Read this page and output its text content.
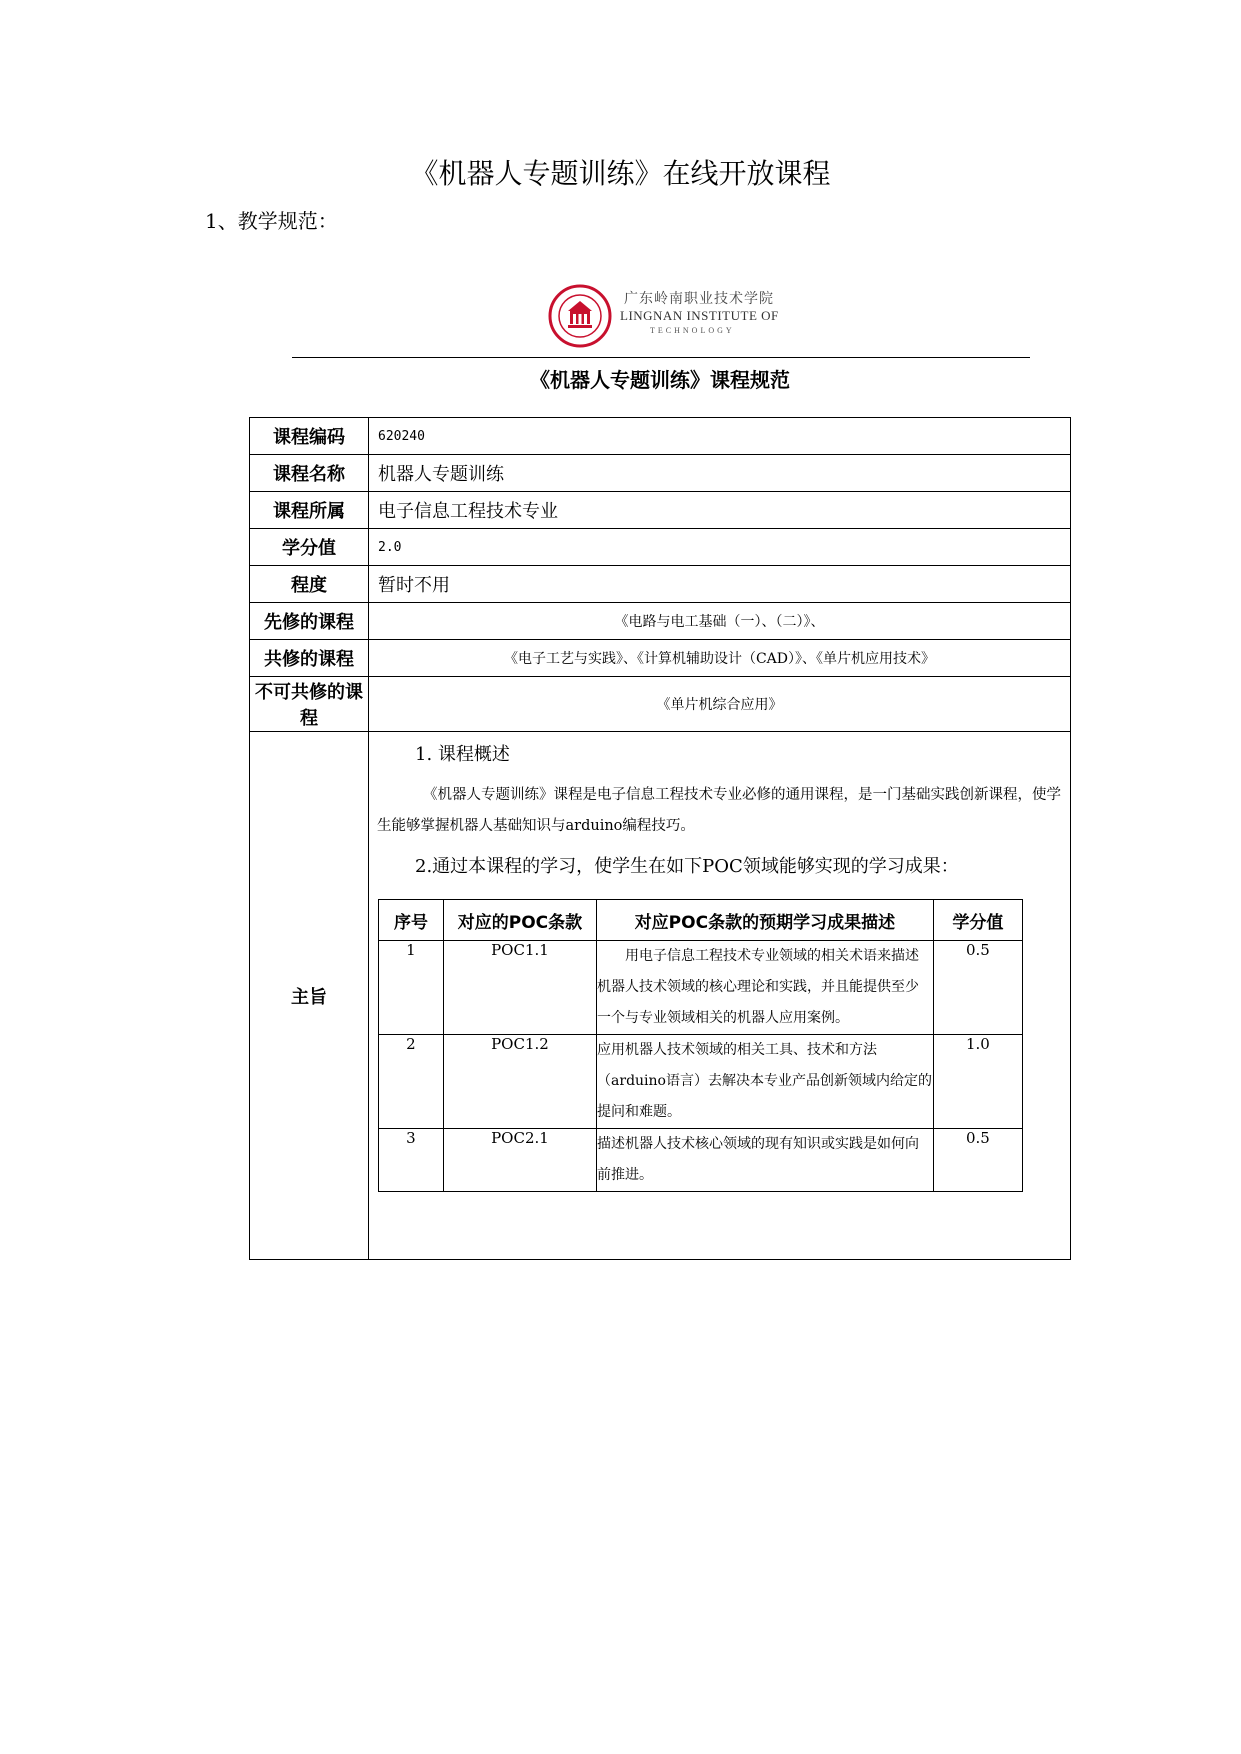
《机器人专题训练》在线开放课程
1、教学规范：
广东岭南职业技术学院
LINGNAN INSTITUTE OF
TECHNOLOGY
《机器人专题训练》课程规范
课程编码	620240
课程名称	机器人专题训练
课程所属	电子信息工程技术专业
学分值	2.0
程度	暂时不用
先修的课程	《电路与电工基础（一）、（二）》、
共修的课程	《电子工艺与实践》、《计算机辅助设计（CAD）》、《单片机应用技术》
不可共修的课程	《单片机综合应用》
主旨	
1. 课程概述
《机器人专题训练》课程是电子信息工程技术专业必修的通用课程，是一门基础实践创新课程，使学生能够掌握机器人基础知识与arduino编程技巧。
2.通过本课程的学习，使学生在如下POC领域能够实现的学习成果：
序号	对应的POC条款	对应POC条款的预期学习成果描述	学分值
1	POC1.1	用电子信息工程技术专业领域的相关术语来描述机器人技术领域的核心理论和实践，并且能提供至少一个与专业领域相关的机器人应用案例。	0.5
2	POC1.2	应用机器人技术领域的相关工具、技术和方法（arduino语言）去解决本专业产品创新领域内给定的提问和难题。	1.0
3	POC2.1	描述机器人技术核心领域的现有知识或实践是如何向前推进。	0.5
